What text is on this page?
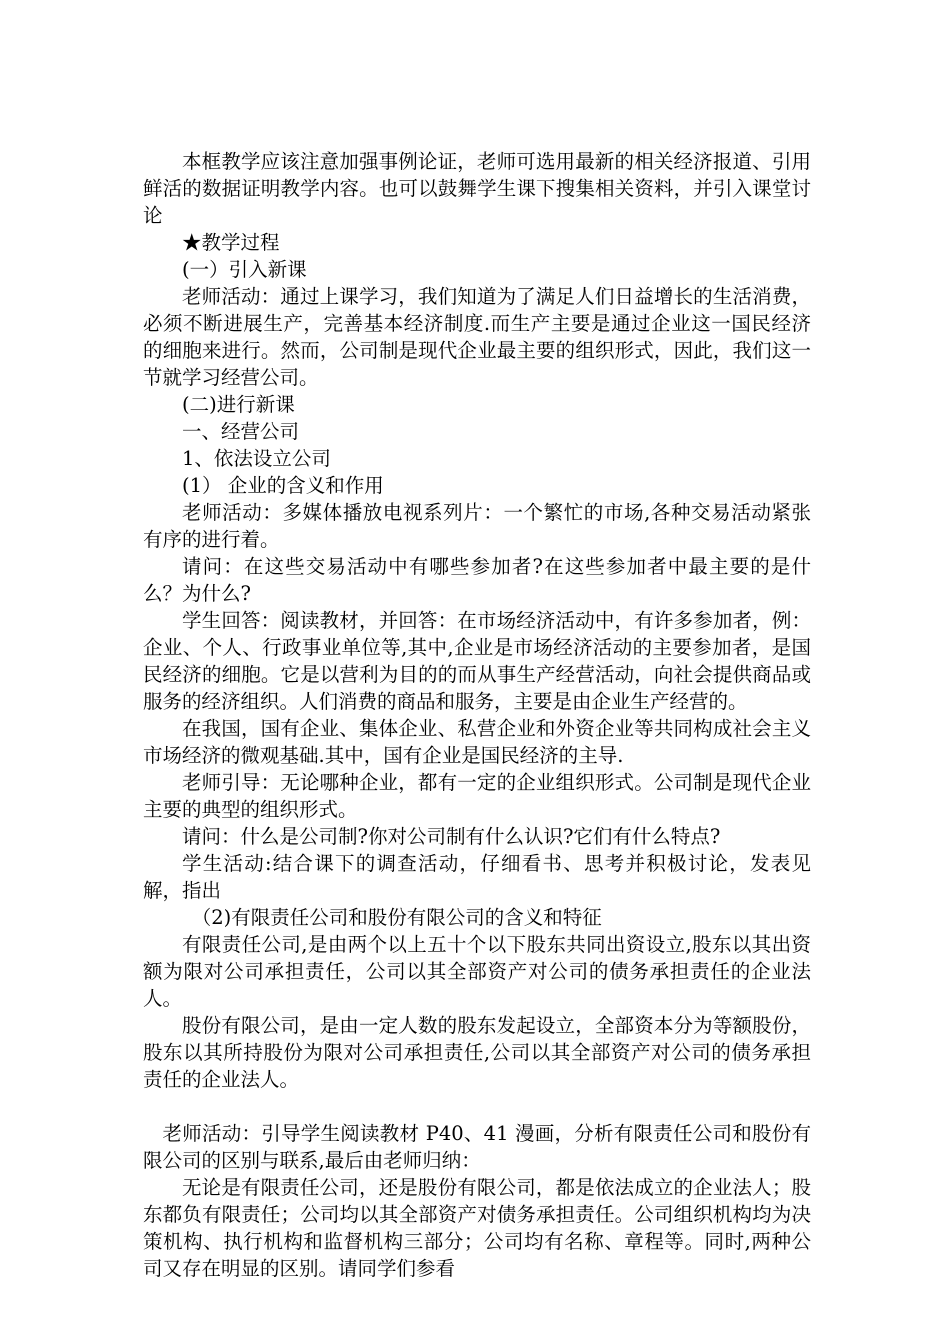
本框教学应该注意加强事例论证，老师可选用最新的相关经济报道、引用鲜活的数据证明教学内容。也可以鼓舞学生课下搜集相关资料，并引入课堂讨论

★教学过程

(一）引入新课

老师活动：通过上课学习，我们知道为了满足人们日益增长的生活消费，必须不断进展生产，完善基本经济制度.而生产主要是通过企业这一国民经济的细胞来进行。然而，公司制是现代企业最主要的组织形式，因此，我们这一节就学习经营公司。

(二)进行新课

一、经营公司

1、依法设立公司

(1） 企业的含义和作用

老师活动：多媒体播放电视系列片：一个繁忙的市场,各种交易活动紧张有序的进行着。

请问：在这些交易活动中有哪些参加者?在这些参加者中最主要的是什么？为什么?

学生回答：阅读教材，并回答：在市场经济活动中，有许多参加者，例：企业、个人、行政事业单位等,其中,企业是市场经济活动的主要参加者，是国民经济的细胞。它是以营利为目的的而从事生产经营活动，向社会提供商品或服务的经济组织。人们消费的商品和服务，主要是由企业生产经营的。

在我国，国有企业、集体企业、私营企业和外资企业等共同构成社会主义市场经济的微观基础.其中，国有企业是国民经济的主导.

老师引导：无论哪种企业，都有一定的企业组织形式。公司制是现代企业主要的典型的组织形式。

请问：什么是公司制?你对公司制有什么认识?它们有什么特点?

学生活动:结合课下的调查活动，仔细看书、思考并积极讨论，发表见解，指出

（2)有限责任公司和股份有限公司的含义和特征

有限责任公司,是由两个以上五十个以下股东共同出资设立,股东以其出资额为限对公司承担责任，公司以其全部资产对公司的债务承担责任的企业法人。

股份有限公司，是由一定人数的股东发起设立，全部资本分为等额股份，股东以其所持股份为限对公司承担责任,公司以其全部资产对公司的债务承担责任的企业法人。

老师活动：引导学生阅读教材 P40、41 漫画，分析有限责任公司和股份有限公司的区别与联系,最后由老师归纳：

无论是有限责任公司，还是股份有限公司，都是依法成立的企业法人；股东都负有限责任；公司均以其全部资产对债务承担责任。公司组织机构均为决策机构、执行机构和监督机构三部分；公司均有名称、章程等。同时,两种公司又存在明显的区别。请同学们参看
